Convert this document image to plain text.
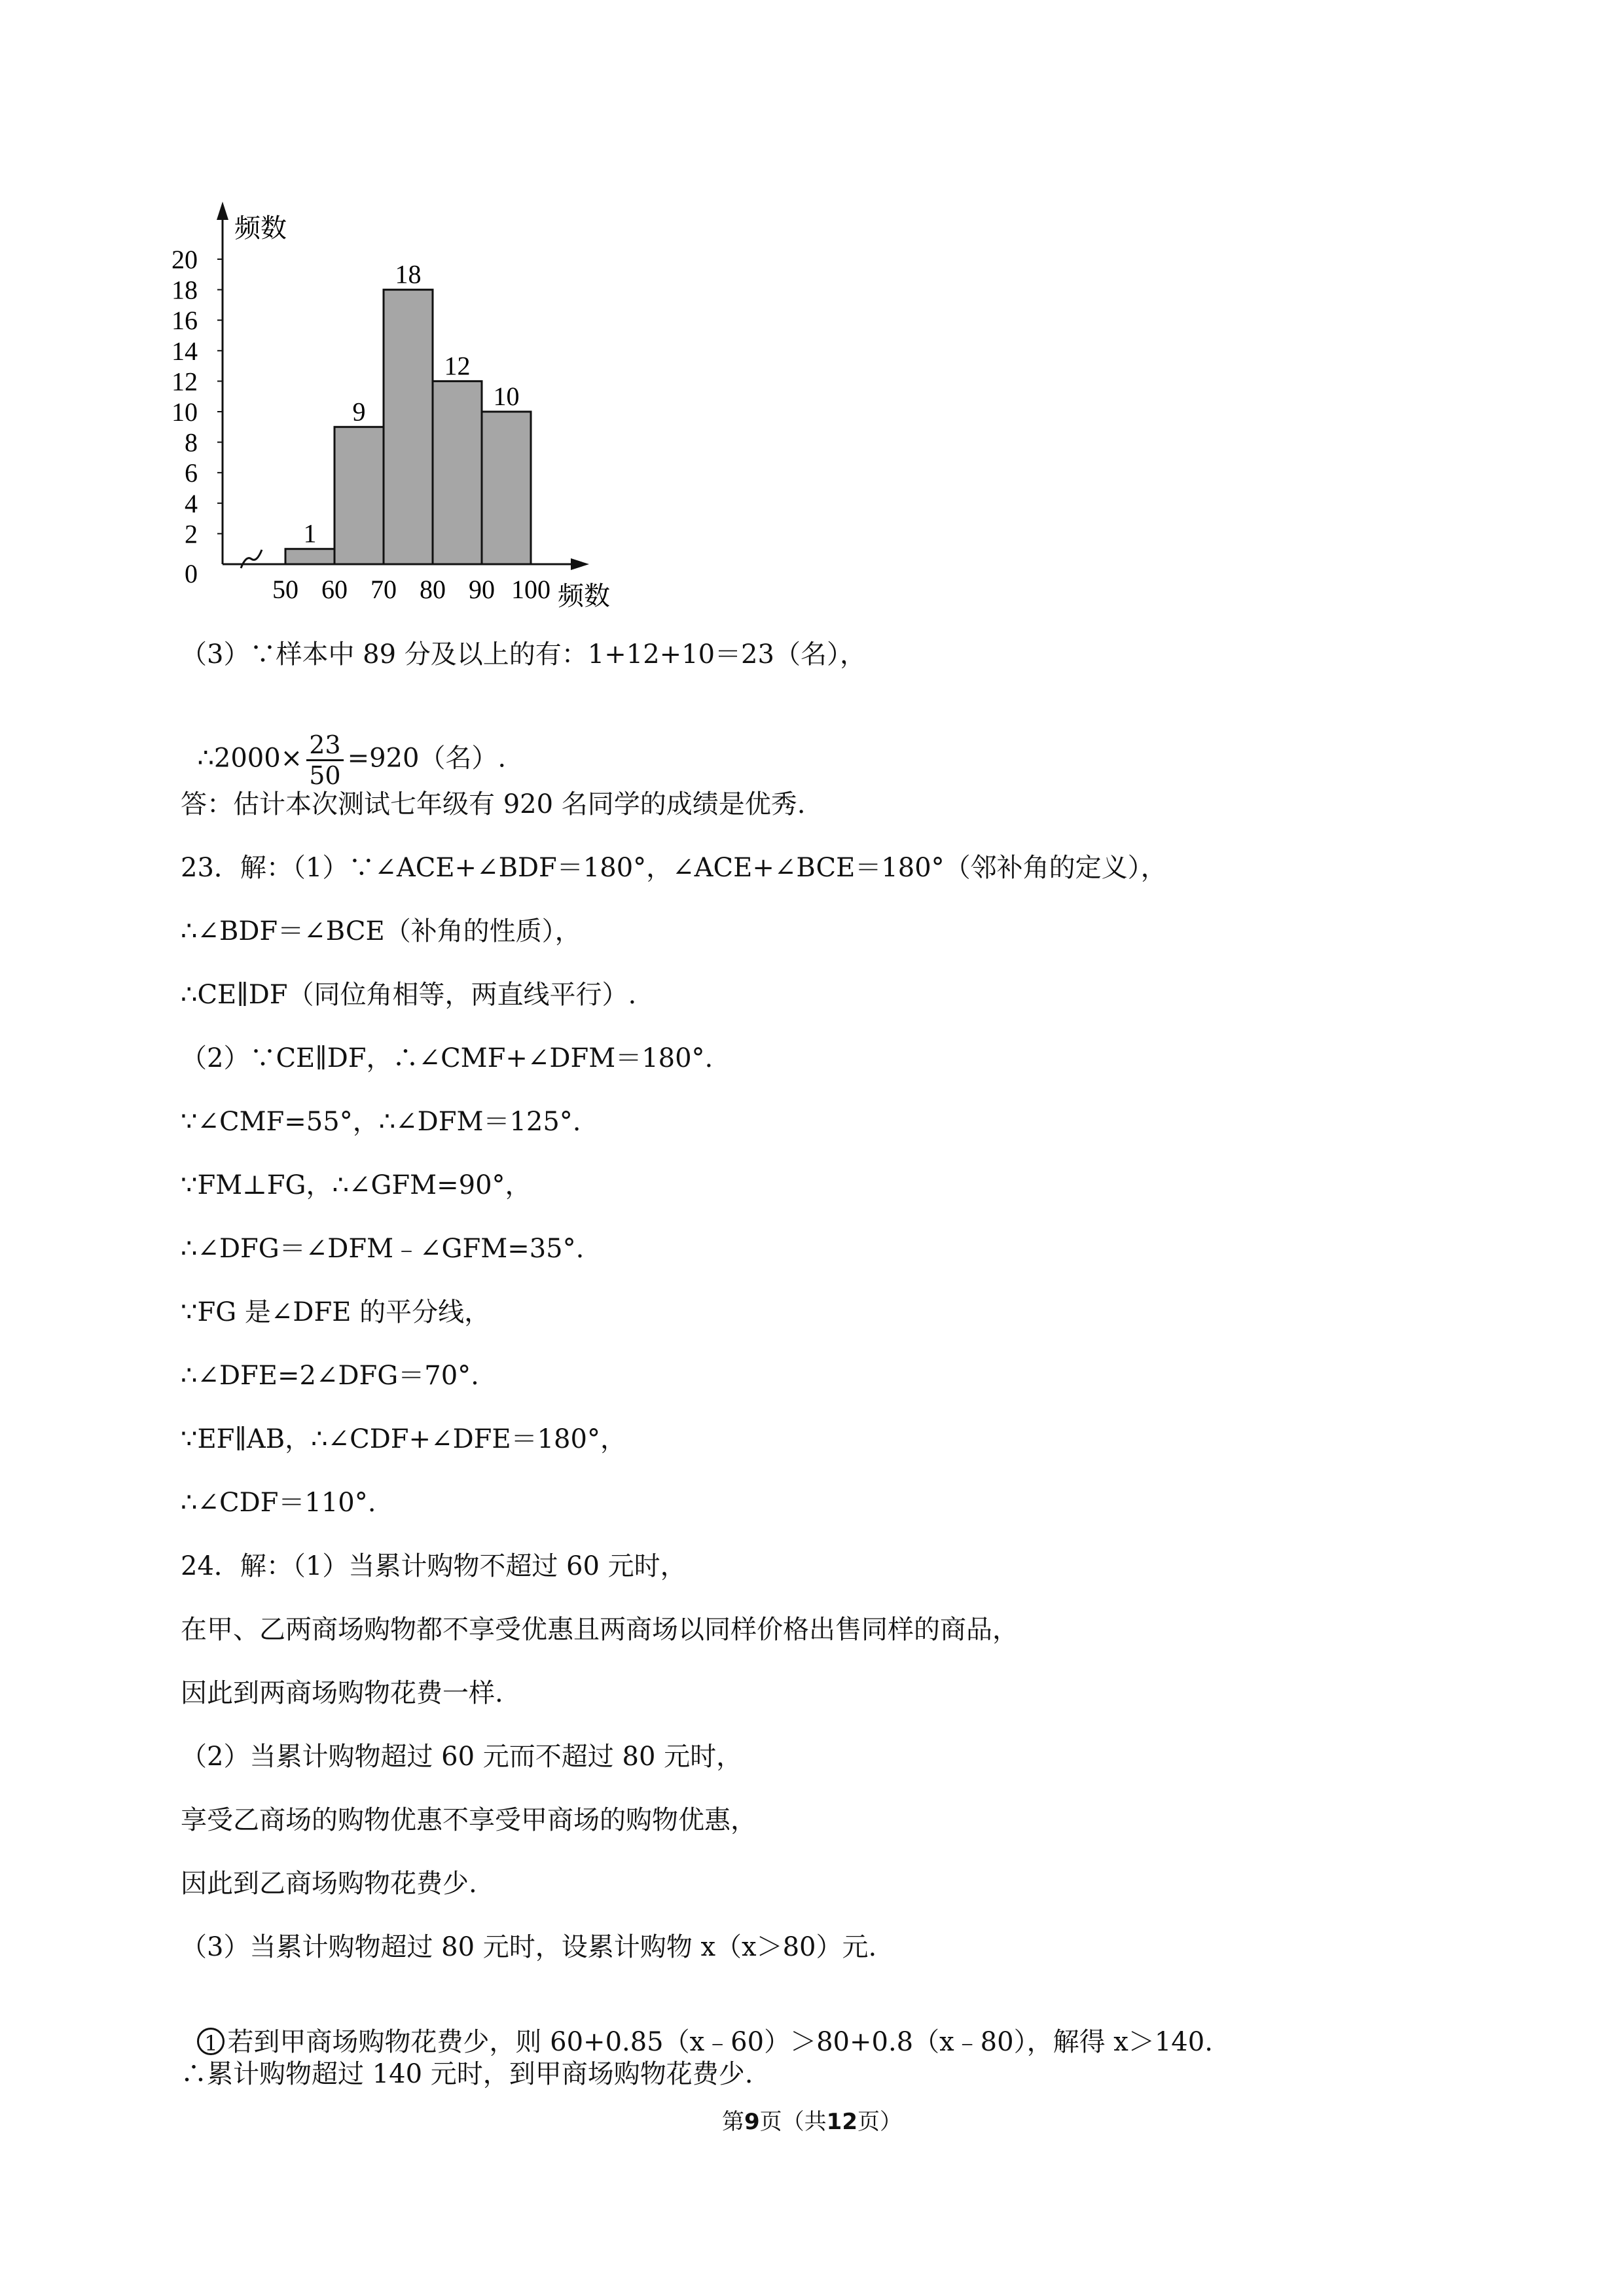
频数
频数
0
2
4
6
8
10
12
14
16
18
20
1
9
18
12
10
50 60 70 80 90 100
（3）∵样本中 89 分及以上的有：1+12+10＝23（名），

∴2000× $\frac{23}{50} =920$（名）.

答：估计本次测试七年级有 920 名同学的成绩是优秀.
23．解：（1）∵∠ACE+∠BDF＝180°，∠ACE+∠BCE＝180°（邻补角的定义），
∴∠BDF＝∠BCE（补角的性质），
∴CE∥DF（同位角相等，两直线平行）.
（2）∵CE∥DF，∴∠CMF+∠DFM＝180°.
∵∠CMF=55°，∴∠DFM＝125°.
∵FM⊥FG，∴∠GFM=90°，
∴∠DFG＝∠DFM﹣∠GFM=35°.
∵FG 是∠DFE 的平分线，
∴∠DFE=2∠DFG＝70°.
∵EF∥AB，∴∠CDF+∠DFE＝180°，
∴∠CDF＝110°.
24．解：（1）当累计购物不超过 60 元时，
在甲、乙两商场购物都不享受优惠且两商场以同样价格出售同样的商品，
因此到两商场购物花费一样.
（2）当累计购物超过 60 元而不超过 80 元时，
享受乙商场的购物优惠不享受甲商场的购物优惠，
因此到乙商场购物花费少.
（3）当累计购物超过 80 元时，设累计购物 x（x＞80）元.

1 若到甲商场购物花费少，则 60+0.85（x﹣60）＞80+0.8（x﹣80），解得 x＞140.

∴累计购物超过 140 元时，到甲商场购物花费少.
第9页（共12页）
